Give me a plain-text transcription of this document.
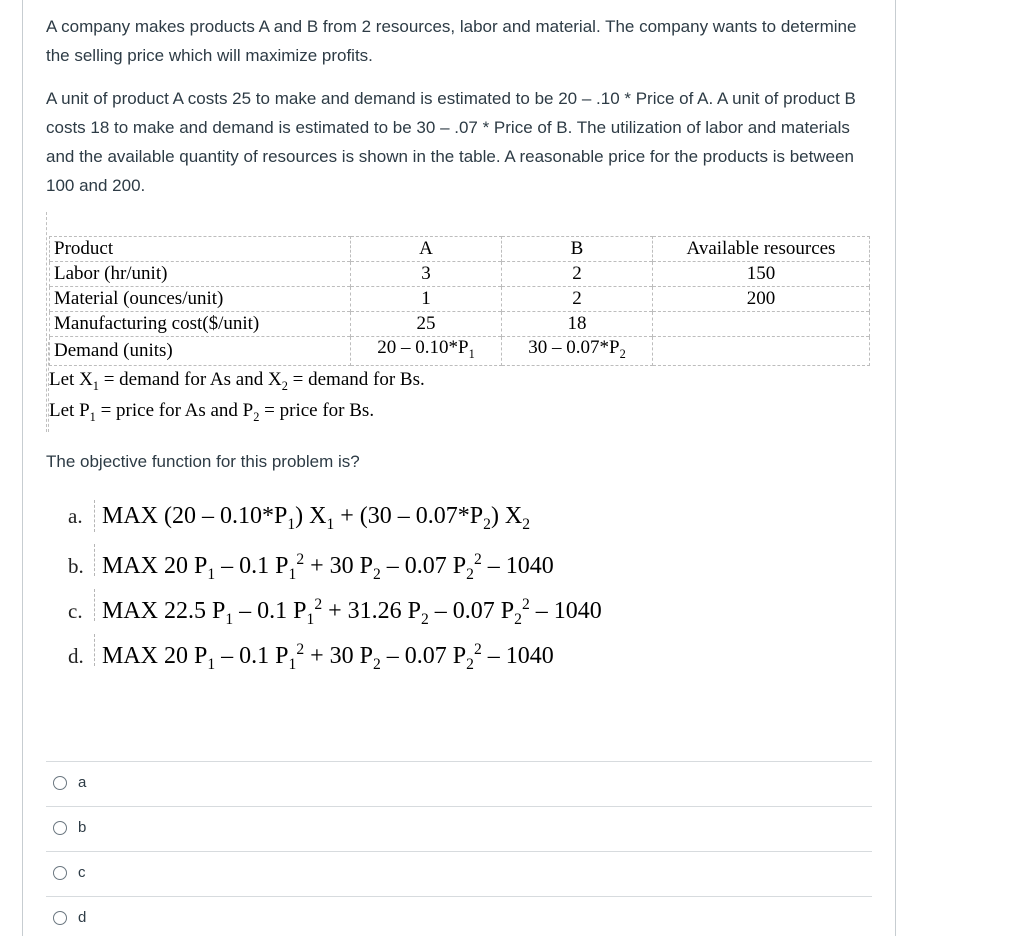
A company makes products A and B from 2 resources, labor and material. The company wants to determine the selling price which will maximize profits.

A unit of product A costs 25 to make and demand is estimated to be 20 – .10 * Price of A. A unit of product B costs 18 to make and demand is estimated to be 30 – .07 * Price of B. The utilization of labor and materials and the available quantity of resources is shown in the table. A reasonable price for the products is between 100 and 200.

Product	A	B	Available resources
Labor (hr/unit)	3	2	150
Material (ounces/unit)	1	2	200
Manufacturing cost($/unit)	25	18	
Demand (units)	$20 - 0.10*P_1$	$30 - 0.07*P_2$	
Let $X_1$ = demand for As and $X_2$ = demand for Bs.
Let $P_1$ = price for As and $P_2$ = price for Bs.
The objective function for this problem is?
a. MAX $(20 - 0.10*P_1)$ $X_1 + (30 - 0.07*P_2)$ $X_2$
b. MAX 20 $P_1 - 0.1$ $P_1^2 + 30$ $P_2 - 0.07$ $P_2^2 - 1040$
c. MAX 22.5 $P_1 - 0.1$ $P_1^2 + 31.26$ $P_2 - 0.07$ $P_2^2 - 1040$
d. MAX 20 $P_1 - 0.1$ $P_1^2 + 30$ $P_2 - 0.07$ $P_2^2 - 1040$
a
b
c
d
